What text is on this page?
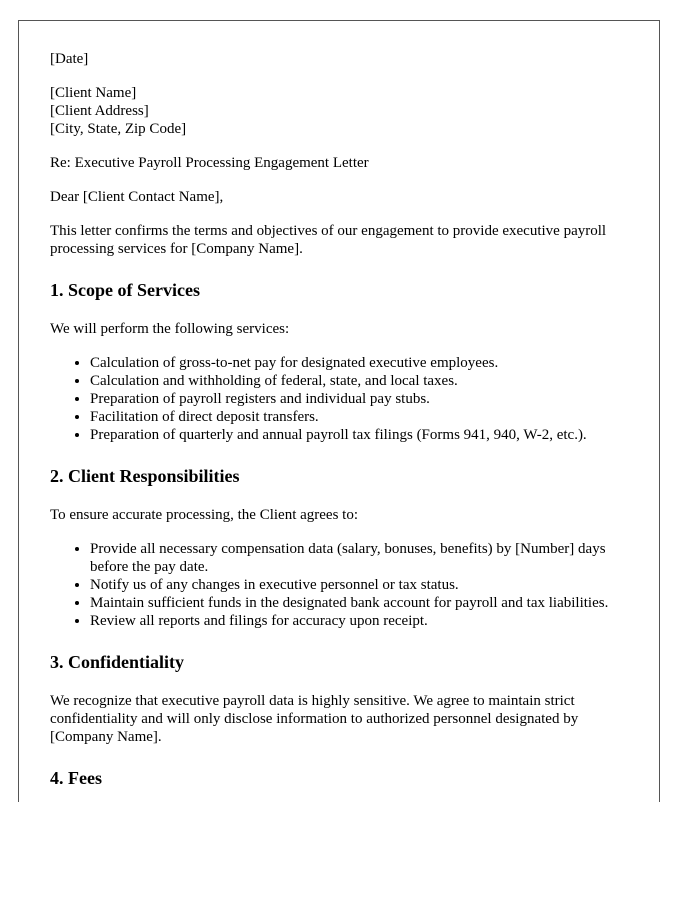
[Date]

[Client Name]
[Client Address]
[City, State, Zip Code]

Re: Executive Payroll Processing Engagement Letter

Dear [Client Contact Name],

This letter confirms the terms and objectives of our engagement to provide executive payroll processing services for [Company Name].

1. Scope of Services

We will perform the following services:

• Calculation of gross-to-net pay for designated executive employees.
• Calculation and withholding of federal, state, and local taxes.
• Preparation of payroll registers and individual pay stubs.
• Facilitation of direct deposit transfers.
• Preparation of quarterly and annual payroll tax filings (Forms 941, 940, W-2, etc.).
2. Client Responsibilities

To ensure accurate processing, the Client agrees to:

• Provide all necessary compensation data (salary, bonuses, benefits) by [Number] days before the pay date.
• Notify us of any changes in executive personnel or tax status.
• Maintain sufficient funds in the designated bank account for payroll and tax liabilities.
• Review all reports and filings for accuracy upon receipt.
3. Confidentiality

We recognize that executive payroll data is highly sensitive. We agree to maintain strict confidentiality and will only disclose information to authorized personnel designated by [Company Name].

4. Fees
